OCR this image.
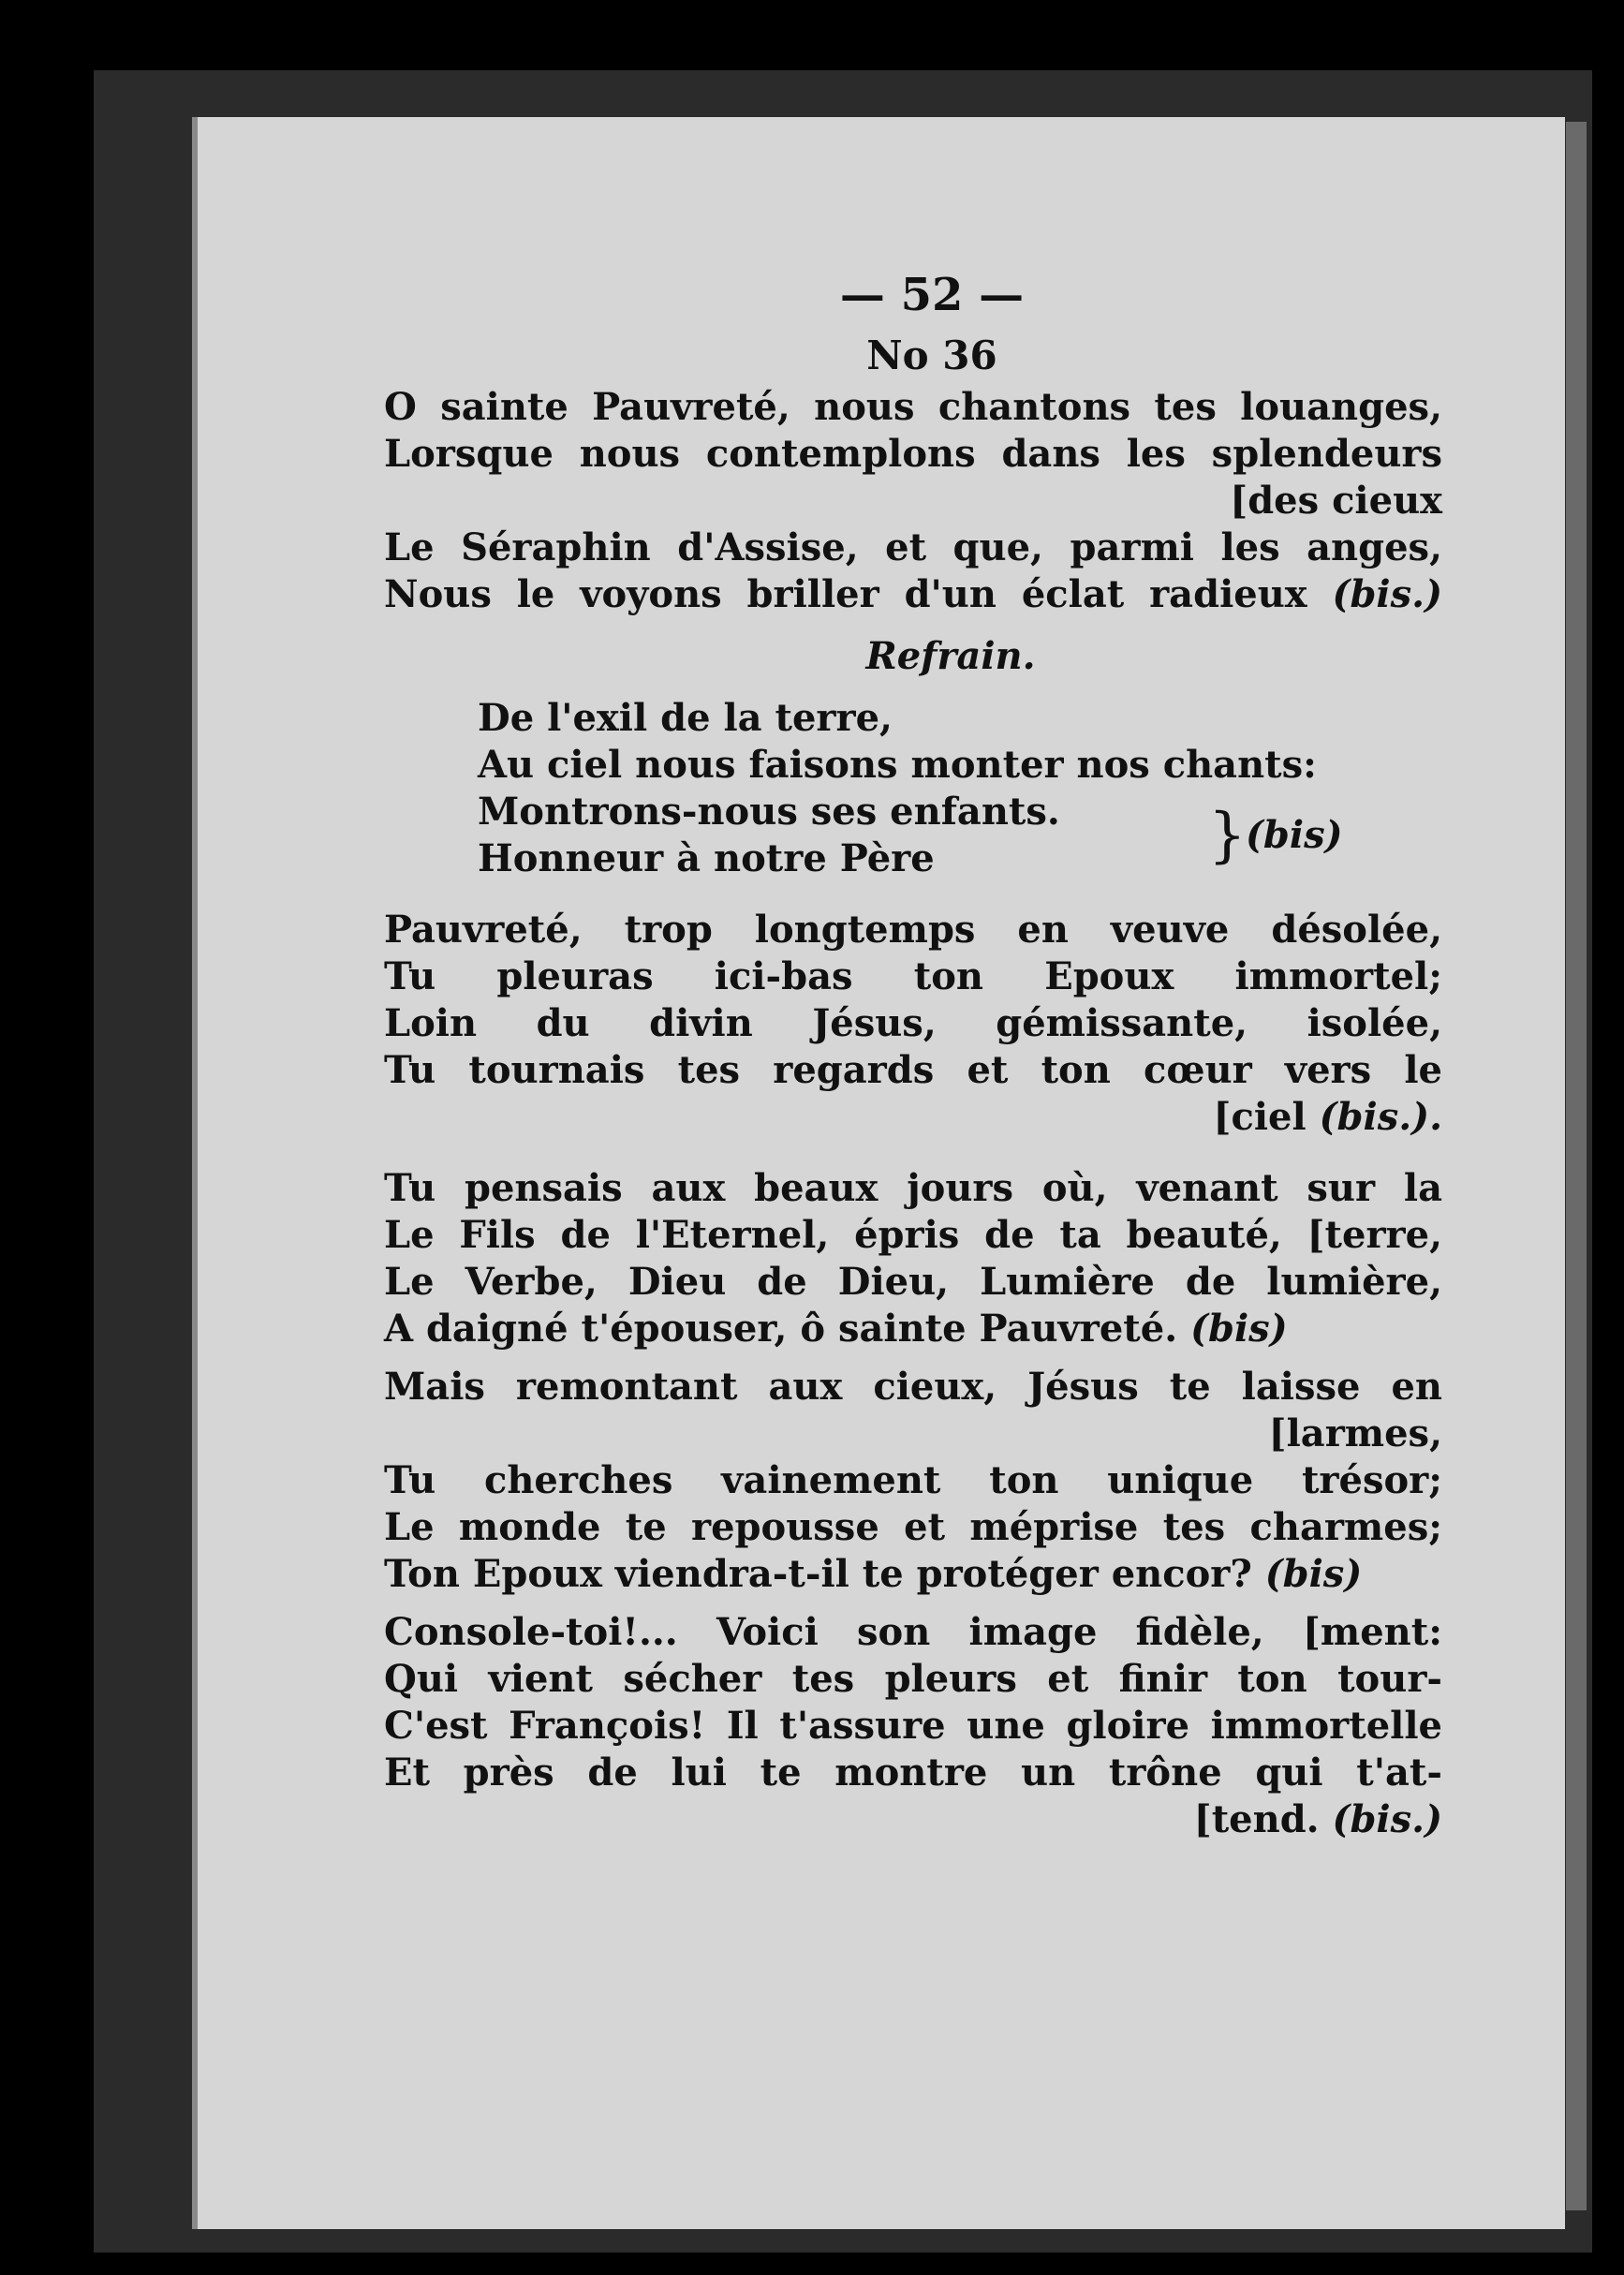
— 52 —
No 36
O sainte Pauvreté, nous chantons tes louanges,
Lorsque nous contemplons dans les splendeurs
[des cieux
Le Séraphin d'Assise, et que, parmi les anges,
Nous le voyons briller d'un éclat radieux (bis.)
Refrain.
De l'exil de la terre,
Au ciel nous faisons monter nos chants:
Montrons-nous ses enfants.
Honneur à notre Père	} (bis)
Pauvreté, trop longtemps en veuve désolée,
Tu pleuras ici-bas ton Epoux immortel;
Loin du divin Jésus, gémissante, isolée,
Tu tournais tes regards et ton cœur vers le
[ciel (bis.).
Tu pensais aux beaux jours où, venant sur la
Le Fils de l'Eternel, épris de ta beauté, [terre,
Le Verbe, Dieu de Dieu, Lumière de lumière,
A daigné t'épouser, ô sainte Pauvreté. (bis)
Mais remontant aux cieux, Jésus te laisse en
[larmes,
Tu cherches vainement ton unique trésor;
Le monde te repousse et méprise tes charmes;
Ton Epoux viendra-t-il te protéger encor? (bis)
Console-toi!... Voici son image fidèle, [ment:
Qui vient sécher tes pleurs et finir ton tour-
C'est François! Il t'assure une gloire immortelle
Et près de lui te montre un trône qui t'at-
[tend. (bis.)
